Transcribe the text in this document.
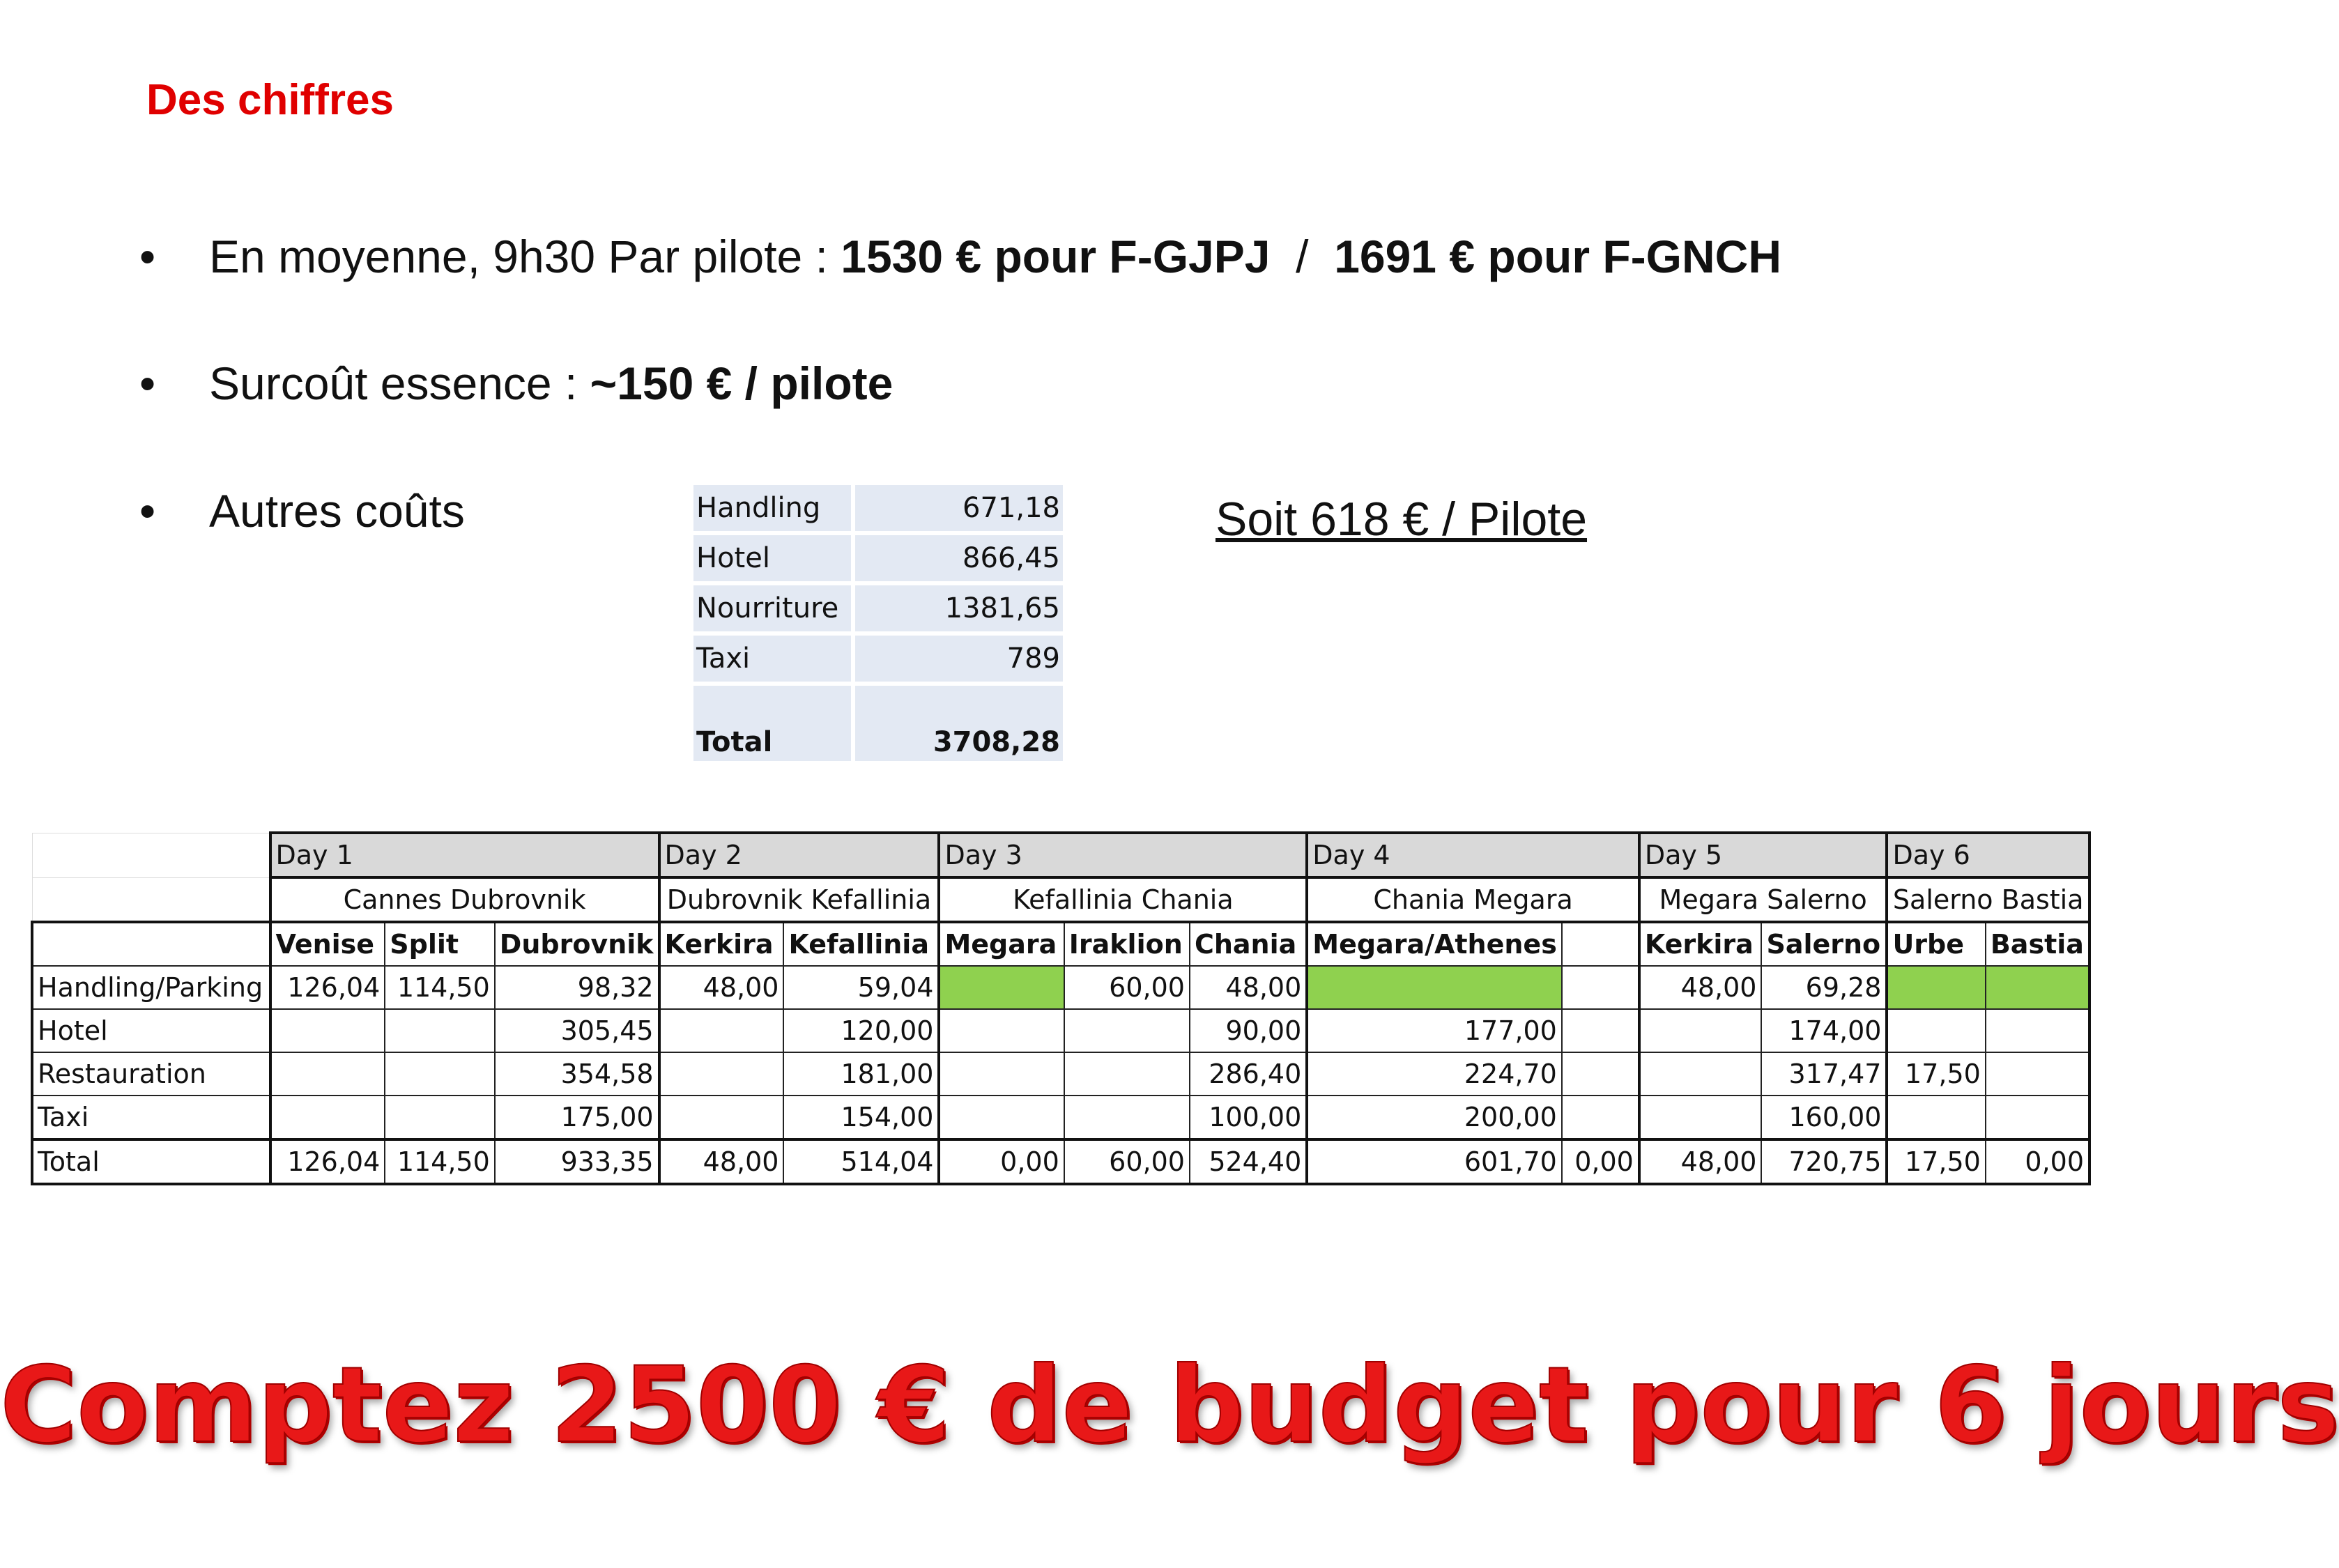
Des chiffres
• En moyenne, 9h30 Par pilote : 1530 € pour F-GJPJ  /  1691 € pour F-GNCH
• Surcoût essence : ~150 € / pilote
• Autres coûts	Handling	671,18
Hotel	866,45
Nourriture	1381,65
Taxi	789
Total	3708,28
Soit 618 € / Pilote
	Day 1			Day 2		Day 3			Day 4		Day 5		Day 6	
	Cannes Dubrovnik			Dubrovnik Kefallinia		Kefallinia Chania			Chania Megara		Megara Salerno		Salerno Bastia	
	Venise	Split	Dubrovnik	Kerkira	Kefallinia	Megara	Iraklion	Chania	Megara/Athenes		Kerkira	Salerno	Urbe	Bastia
Handling/Parking	126,04	114,50	98,32	48,00	59,04		60,00	48,00			48,00	69,28		
Hotel			305,45		120,00			90,00	177,00			174,00		
Restauration			354,58		181,00			286,40	224,70			317,47	17,50	
Taxi			175,00		154,00			100,00	200,00			160,00		
Total	126,04	114,50	933,35	48,00	514,04	0,00	60,00	524,40	601,70	0,00	48,00	720,75	17,50	0,00
Comptez 2500 € de budget pour 6 jours
